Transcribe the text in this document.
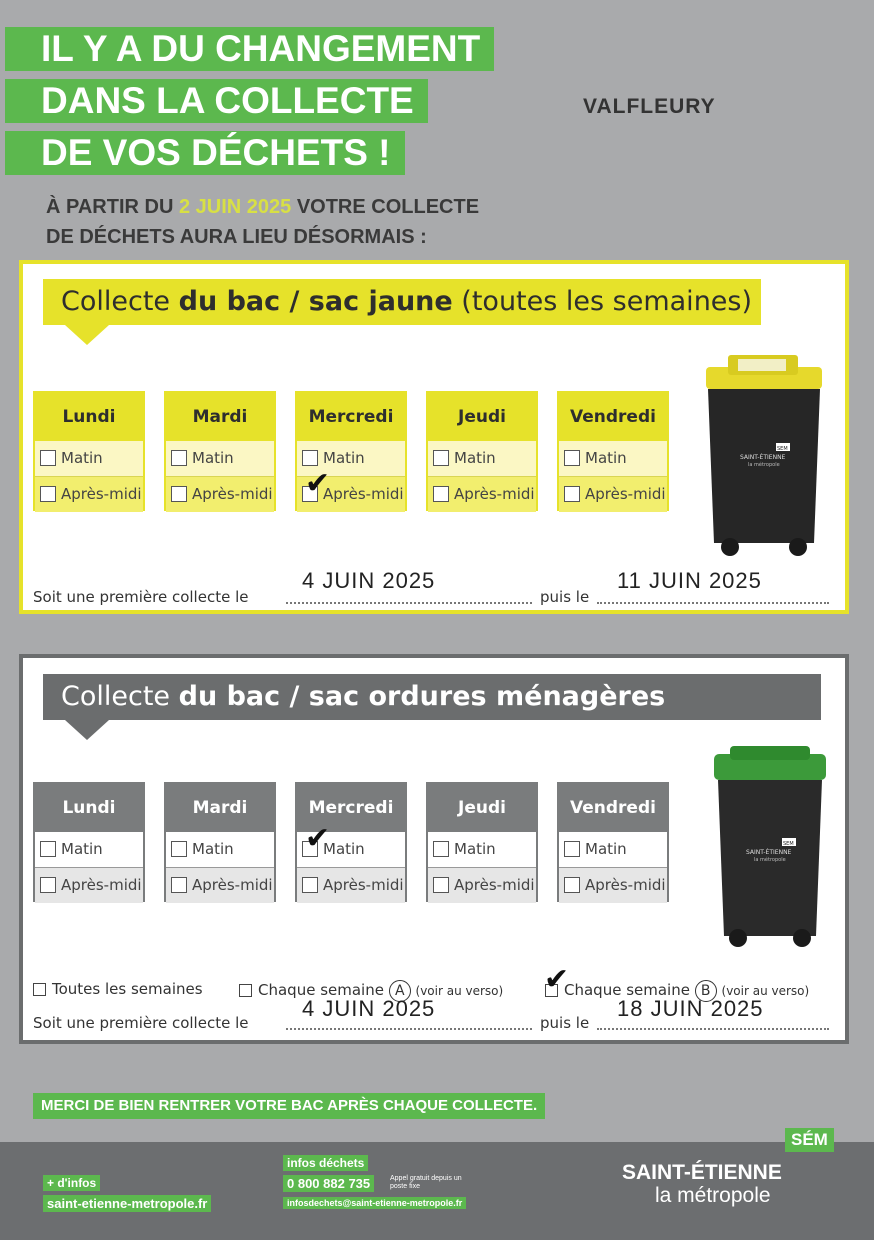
IL Y A DU CHANGEMENT
DANS LA COLLECTE
DE VOS DÉCHETS !
VALFLEURY
À PARTIR DU 2 JUIN 2025 VOTRE COLLECTE
DE DÉCHETS AURA LIEU DÉSORMAIS :
Collecte du bac / sac jaune (toutes les semaines)
Lundi
Matin
Après-midi
Mardi
Matin
Après-midi
Mercredi
Matin
✔
Après-midi
Jeudi
Matin
Après-midi
Vendredi
Matin
Après-midi
SEM
SAINT-ÉTIENNE
la métropole
Soit une première collecte le
4 JUIN 2025
puis le
11 JUIN 2025
Collecte du bac / sac ordures ménagères
Lundi
Matin
Après-midi
Mardi
Matin
Après-midi
Mercredi
✔
Matin
Après-midi
Jeudi
Matin
Après-midi
Vendredi
Matin
Après-midi
SEM
SAINT-ÉTIENNE
la métropole
Toutes les semaines	Chaque semaine A (voir au verso) ✔
Chaque semaine B (voir au verso)
Soit une première collecte le
4 JUIN 2025
puis le
18 JUIN 2025
MERCI DE BIEN RENTRER VOTRE BAC APRÈS CHAQUE COLLECTE.
+ d'infos
saint-etienne-metropole.fr
infos déchets
0 800 882 735	Appel gratuit depuis un poste fixe
infosdechets@saint-etienne-metropole.fr
SÉM
SAINT-ÉTIENNE
la métropole
